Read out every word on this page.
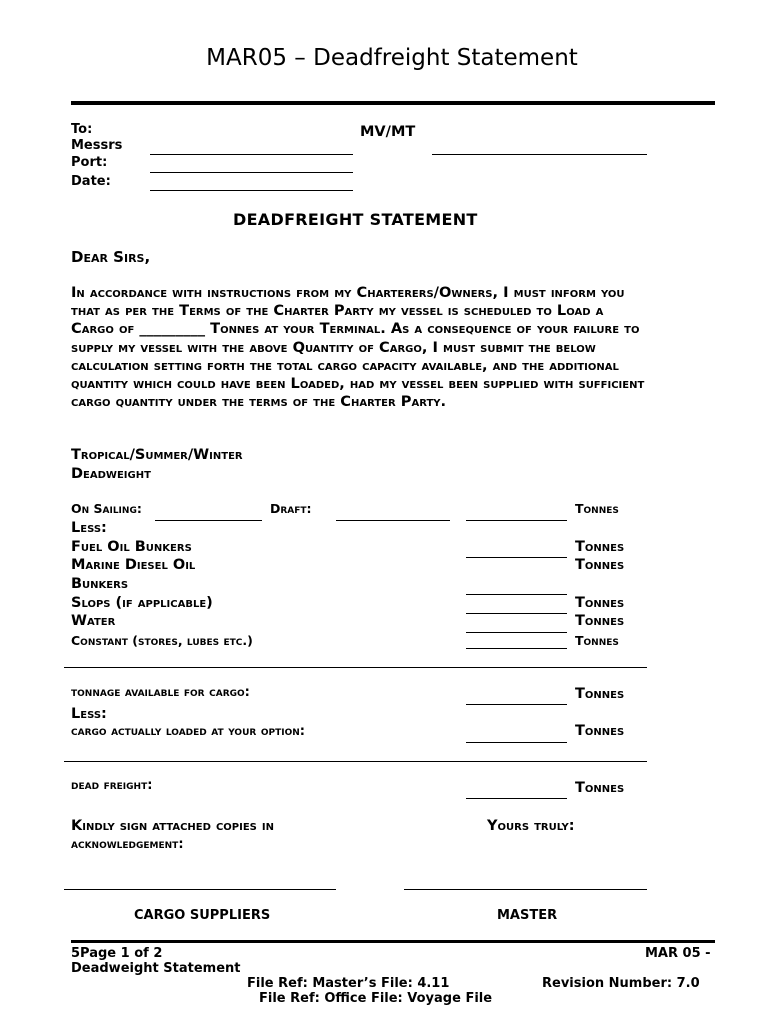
MAR05 – Deadfreight Statement
To:
Messrs
Port:
Date:
MV/MT
DEADFREIGHT STATEMENT
Dear Sirs,
In accordance with instructions from my Charterers/Owners, I must inform you that as per the Terms of the Charter Party my vessel is scheduled to Load a Cargo of _________ Tonnes at your Terminal. As a consequence of your failure to supply my vessel with the above Quantity of Cargo, I must submit the below calculation setting forth the total cargo capacity available, and the additional quantity which could have been Loaded, had my vessel been supplied with sufficient cargo quantity under the terms of the Charter Party.
Tropical/Summer/Winter
Deadweight
On Sailing:	Draft:	Tonnes
Less:
Fuel Oil Bunkers	Tonnes
Marine Diesel Oil	Tonnes
Bunkers
Slops (if applicable)	Tonnes
Water	Tonnes
Constant (stores, lubes etc.)	Tonnes
tonnage available for cargo:	Tonnes
Less:
cargo actually loaded at your option:	Tonnes
dead freight:	Tonnes
Kindly sign attached copies in
acknowledgement:
Yours truly:
CARGO SUPPLIERS	MASTER
5Page 1 of 2
Deadweight Statement
MAR 05 -
File Ref: Master’s File: 4.11
File Ref: Office File: Voyage File
Revision Number: 7.0
